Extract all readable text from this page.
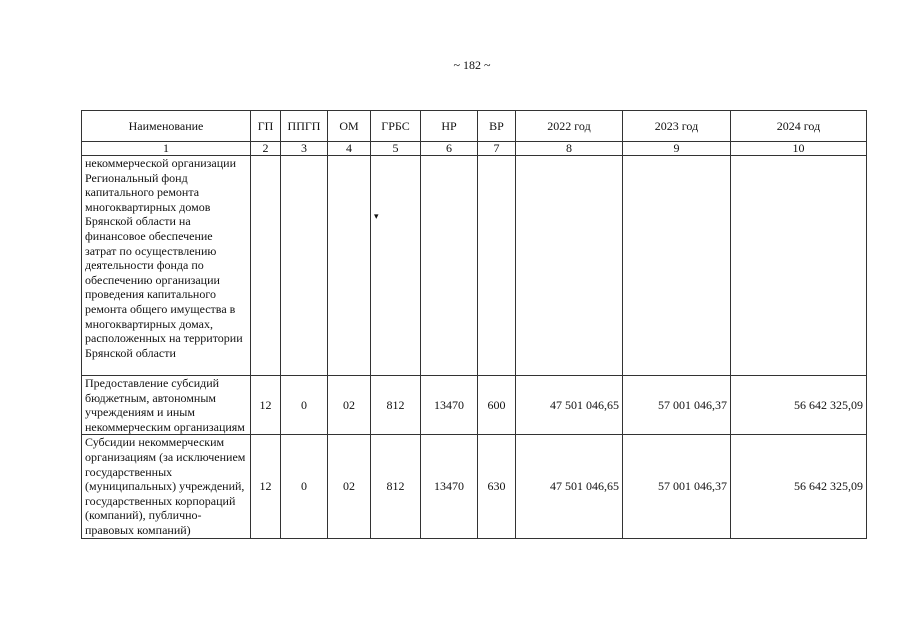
~ 182 ~
▾
Наименование	ГП	ППГП	ОМ	ГРБС	НР	ВР	2022 год	2023 год	2024 год
1	2	3	4	5	6	7	8	9	10
некоммерческой организации Региональный фонд капитального ремонта многоквартирных домов Брянской области на финансовое обеспечение затрат по осуществлению деятельности фонда по обеспечению организации проведения капитального ремонта общего имущества в многоквартирных домах, расположенных на территории Брянской области									
Предоставление субсидий бюджетным, автономным учреждениям и иным некоммерческим организациям	12	0	02	812	13470	600	47 501 046,65	57 001 046,37	56 642 325,09
Субсидии некоммерческим организациям (за исключением государственных (муниципальных) учреждений, государственных корпораций (компаний), публично-правовых компаний)	12	0	02	812	13470	630	47 501 046,65	57 001 046,37	56 642 325,09
